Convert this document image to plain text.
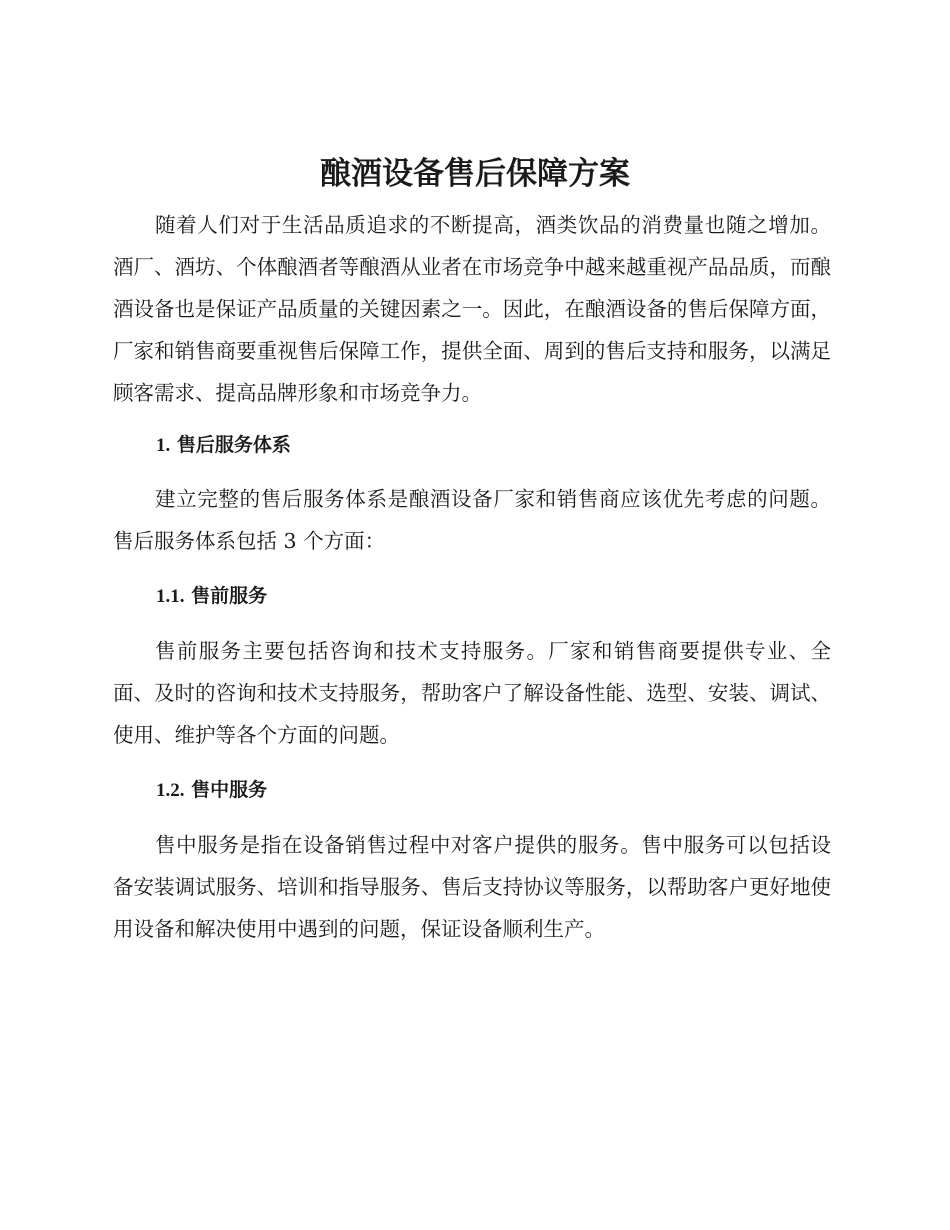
酿酒设备售后保障方案

随着人们对于生活品质追求的不断提高，酒类饮品的消费量也随之增加。酒厂、酒坊、个体酿酒者等酿酒从业者在市场竞争中越来越重视产品品质，而酿酒设备也是保证产品质量的关键因素之一。因此，在酿酒设备的售后保障方面，厂家和销售商要重视售后保障工作，提供全面、周到的售后支持和服务，以满足顾客需求、提高品牌形象和市场竞争力。

1. 售后服务体系

建立完整的售后服务体系是酿酒设备厂家和销售商应该优先考虑的问题。售后服务体系包括 3 个方面：

1.1. 售前服务

售前服务主要包括咨询和技术支持服务。厂家和销售商要提供专业、全面、及时的咨询和技术支持服务，帮助客户了解设备性能、选型、安装、调试、使用、维护等各个方面的问题。

1.2. 售中服务

售中服务是指在设备销售过程中对客户提供的服务。售中服务可以包括设备安装调试服务、培训和指导服务、售后支持协议等服务，以帮助客户更好地使用设备和解决使用中遇到的问题，保证设备顺利生产。
